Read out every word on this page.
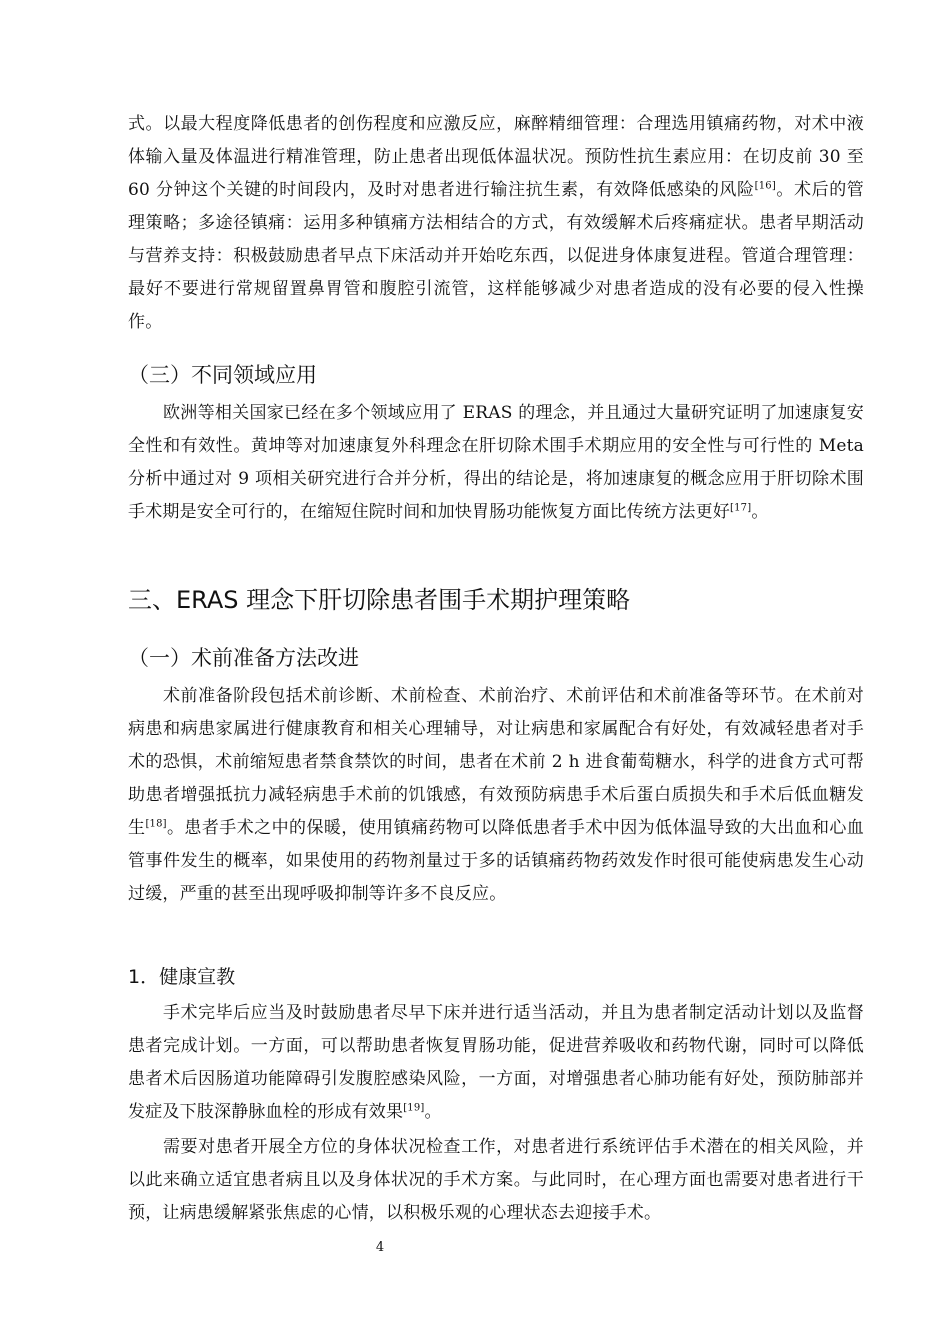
式。以最大程度降低患者的创伤程度和应激反应，麻醉精细管理：合理选用镇痛药物，对术中液体输入量及体温进行精准管理，防止患者出现低体温状况。预防性抗生素应用：在切皮前 30 至 60 分钟这个关键的时间段内，及时对患者进行输注抗生素，有效降低感染的风险[16]。术后的管理策略；多途径镇痛：运用多种镇痛方法相结合的方式，有效缓解术后疼痛症状。患者早期活动与营养支持：积极鼓励患者早点下床活动并开始吃东西，以促进身体康复进程。管道合理管理：最好不要进行常规留置鼻胃管和腹腔引流管，这样能够减少对患者造成的没有必要的侵入性操作。

（三）不同领域应用

欧洲等相关国家已经在多个领域应用了 ERAS 的理念，并且通过大量研究证明了加速康复安全性和有效性。黄坤等对加速康复外科理念在肝切除术围手术期应用的安全性与可行性的 Meta 分析中通过对 9 项相关研究进行合并分析，得出的结论是，将加速康复的概念应用于肝切除术围手术期是安全可行的，在缩短住院时间和加快胃肠功能恢复方面比传统方法更好[17]。

三、ERAS 理念下肝切除患者围手术期护理策略
（一）术前准备方法改进

术前准备阶段包括术前诊断、术前检查、术前治疗、术前评估和术前准备等环节。在术前对病患和病患家属进行健康教育和相关心理辅导，对让病患和家属配合有好处，有效减轻患者对手术的恐惧，术前缩短患者禁食禁饮的时间，患者在术前 2 h 进食葡萄糖水，科学的进食方式可帮助患者增强抵抗力减轻病患手术前的饥饿感，有效预防病患手术后蛋白质损失和手术后低血糖发生[18]。患者手术之中的保暖，使用镇痛药物可以降低患者手术中因为低体温导致的大出血和心血管事件发生的概率，如果使用的药物剂量过于多的话镇痛药物药效发作时很可能使病患发生心动过缓，严重的甚至出现呼吸抑制等许多不良反应。

1．健康宣教

手术完毕后应当及时鼓励患者尽早下床并进行适当活动，并且为患者制定活动计划以及监督患者完成计划。一方面，可以帮助患者恢复胃肠功能，促进营养吸收和药物代谢，同时可以降低患者术后因肠道功能障碍引发腹腔感染风险，一方面，对增强患者心肺功能有好处，预防肺部并发症及下肢深静脉血栓的形成有效果[19]。

需要对患者开展全方位的身体状况检查工作，对患者进行系统评估手术潜在的相关风险，并以此来确立适宜患者病且以及身体状况的手术方案。与此同时，在心理方面也需要对患者进行干预，让病患缓解紧张焦虑的心情，以积极乐观的心理状态去迎接手术。

4
